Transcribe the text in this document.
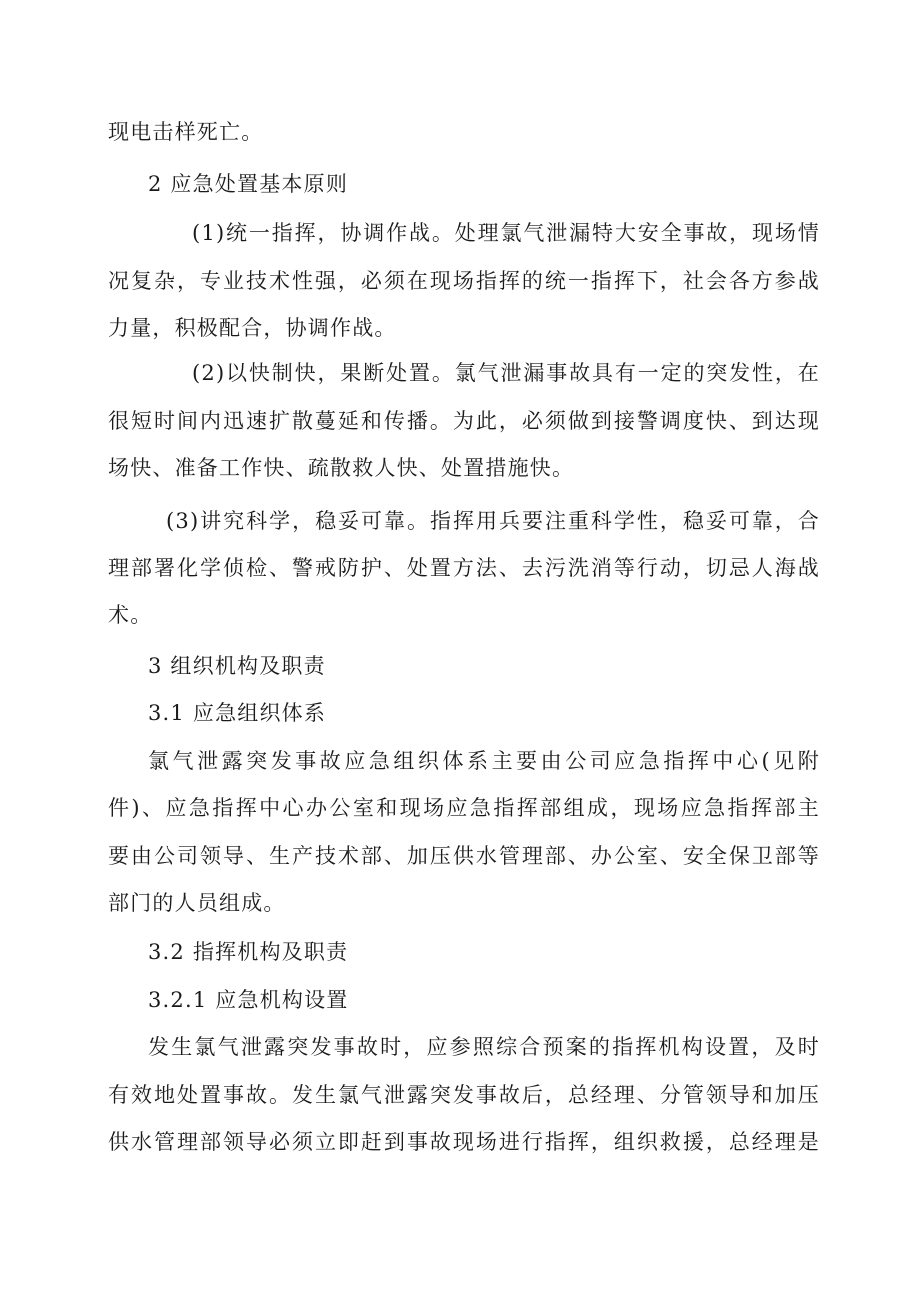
现电击样死亡。
2 应急处置基本原则
(1)统一指挥，协调作战。处理氯气泄漏特大安全事故，现场情
况复杂，专业技术性强，必须在现场指挥的统一指挥下，社会各方参战
力量，积极配合，协调作战。
(2)以快制快，果断处置。氯气泄漏事故具有一定的突发性，在
很短时间内迅速扩散蔓延和传播。为此，必须做到接警调度快、到达现
场快、准备工作快、疏散救人快、处置措施快。
(3)讲究科学，稳妥可靠。指挥用兵要注重科学性，稳妥可靠，合
理部署化学侦检、警戒防护、处置方法、去污洗消等行动，切忌人海战
术。
3 组织机构及职责
3.1 应急组织体系
氯气泄露突发事故应急组织体系主要由公司应急指挥中心(见附
件)、应急指挥中心办公室和现场应急指挥部组成，现场应急指挥部主
要由公司领导、生产技术部、加压供水管理部、办公室、安全保卫部等
部门的人员组成。
3.2 指挥机构及职责
3.2.1 应急机构设置
发生氯气泄露突发事故时，应参照综合预案的指挥机构设置，及时
有效地处置事故。发生氯气泄露突发事故后，总经理、分管领导和加压
供水管理部领导必须立即赶到事故现场进行指挥，组织救援，总经理是
